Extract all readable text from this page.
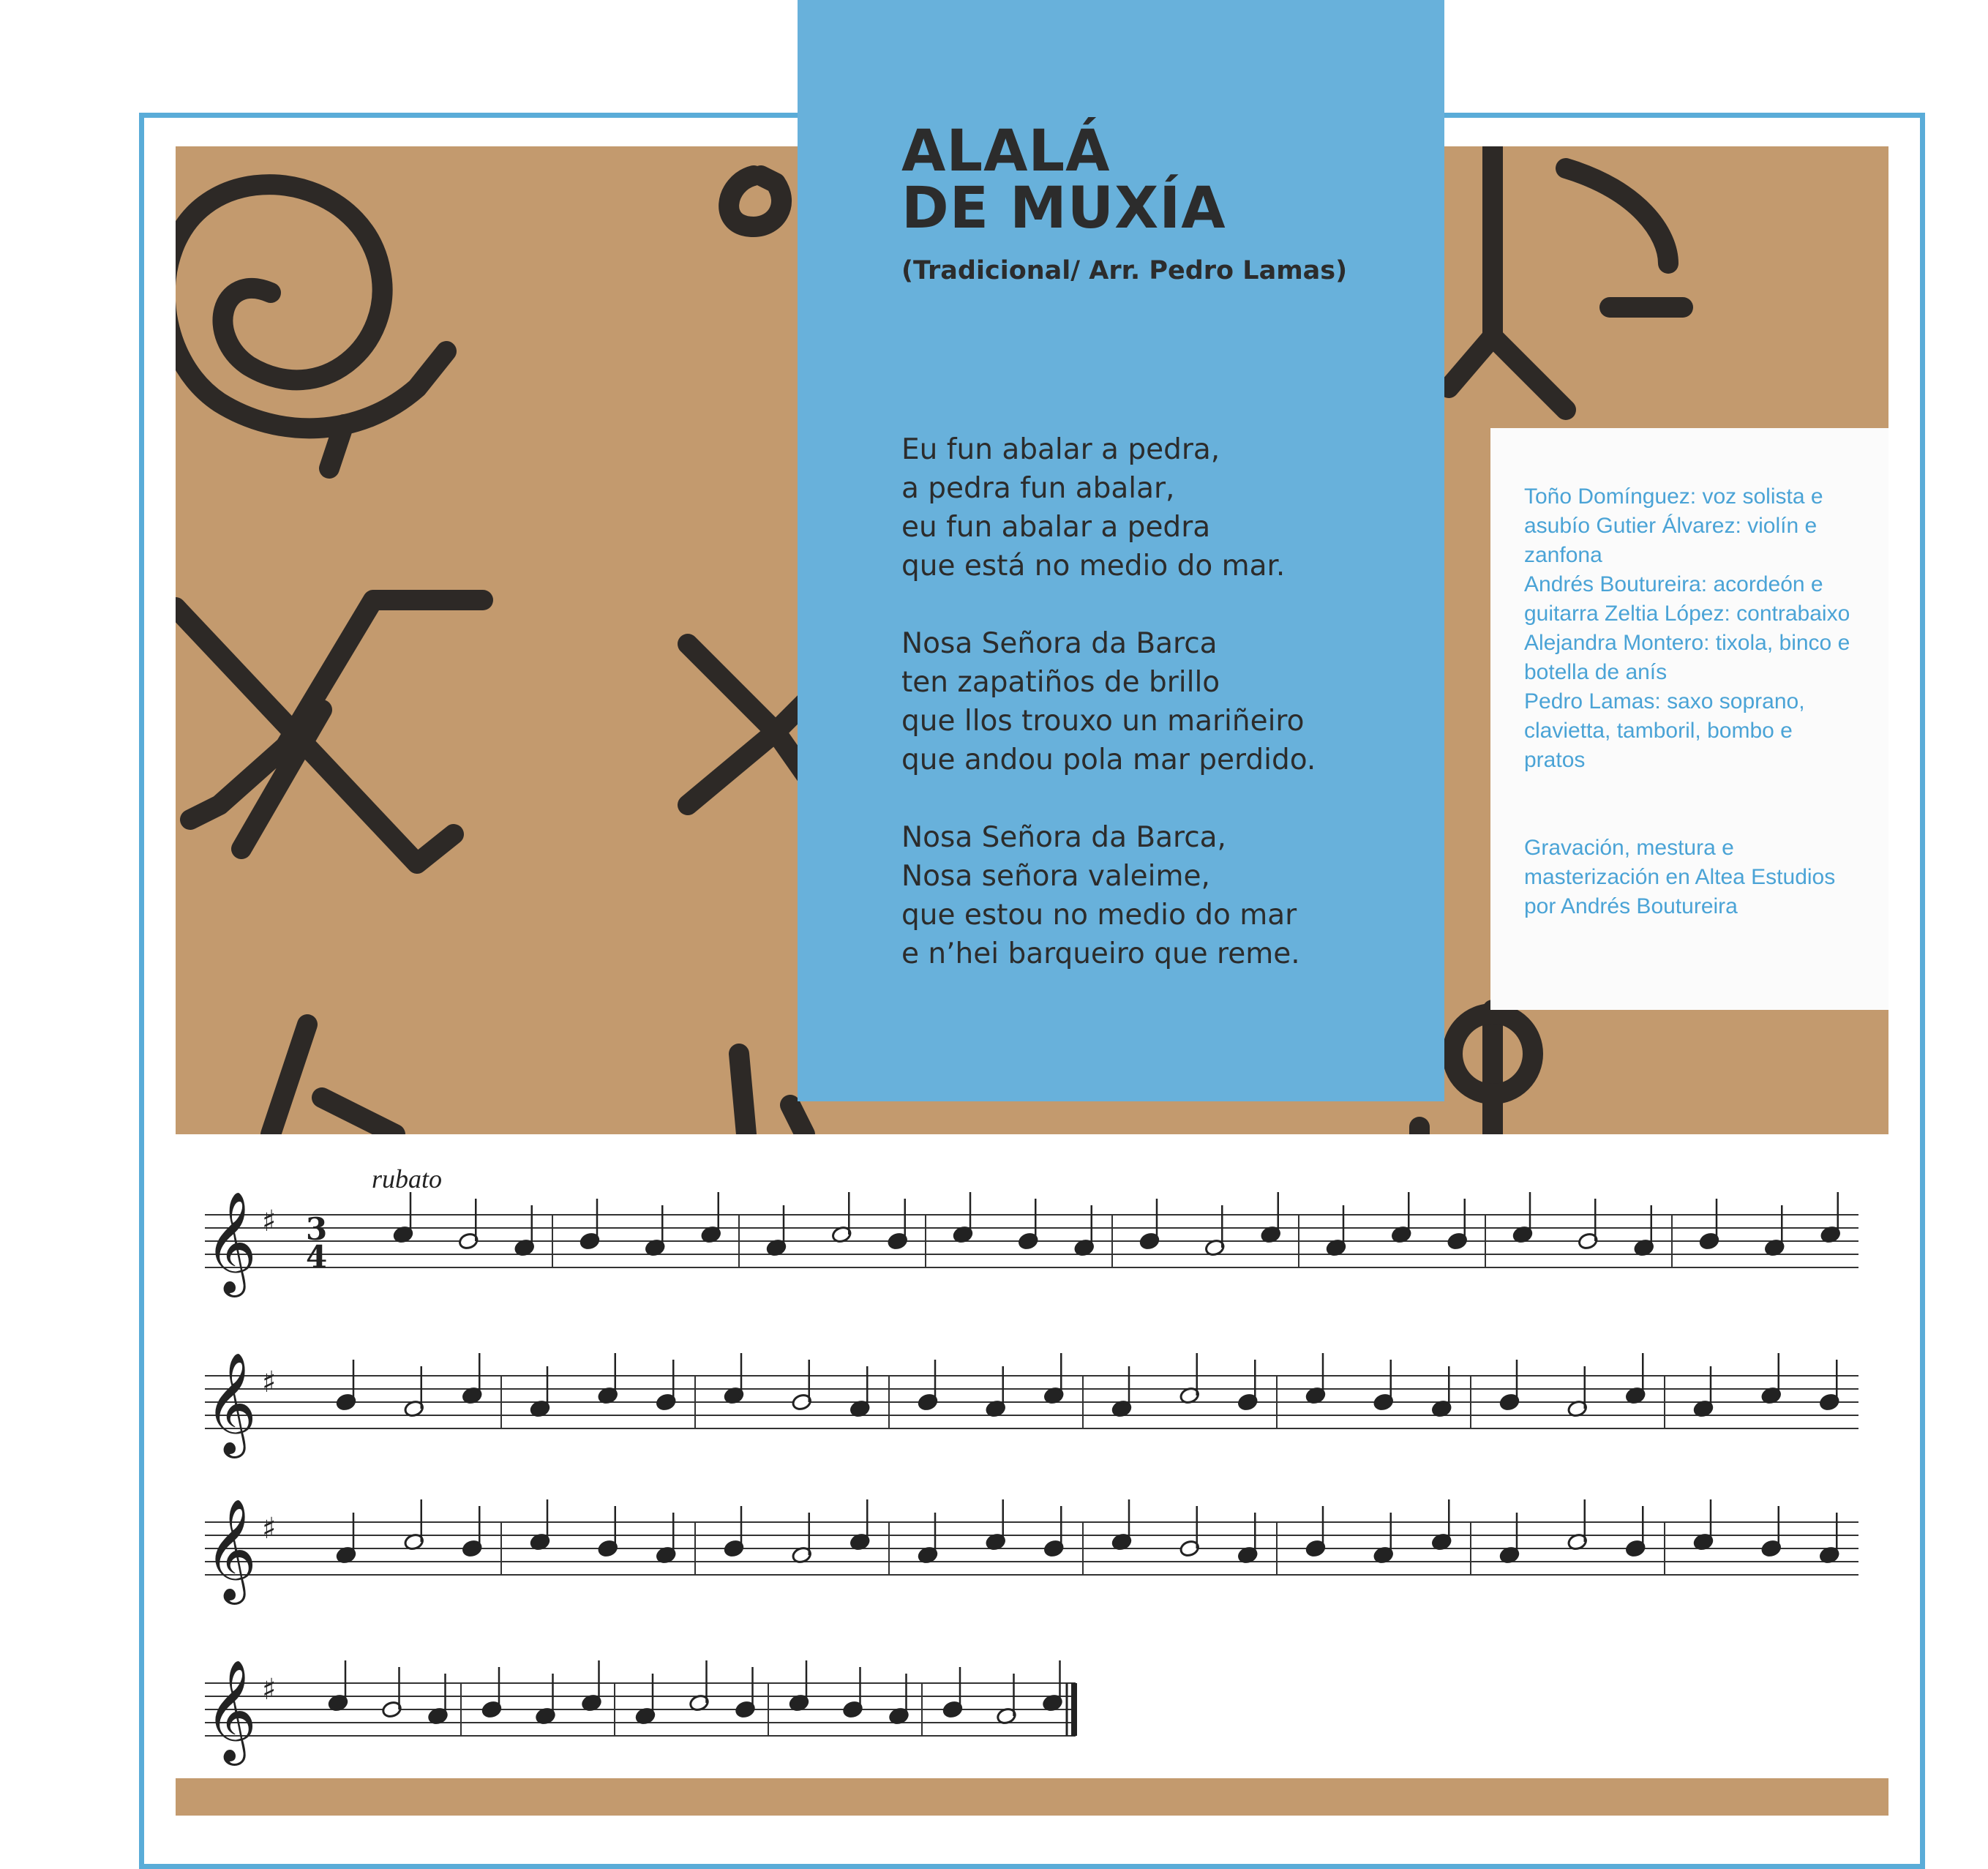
ALALÁ
DE MUXÍA
(Tradicional/ Arr. Pedro Lamas)
Eu fun abalar a pedra,
a pedra fun abalar,
eu fun abalar a pedra
que está no medio do mar.
Nosa Señora da Barca
ten zapatiños de brillo
que llos trouxo un mariñeiro
que andou pola mar perdido.
Nosa Señora da Barca,
Nosa señora valeime,
que estou no medio do mar
e n’hei barqueiro que reme.
Toño Domínguez: voz solista e
asubío Gutier Álvarez: violín e
zanfona
Andrés Boutureira: acordeón e
guitarra Zeltia López: contrabaixo
Alejandra Montero: tixola, binco e
botella de anís
Pedro Lamas: saxo soprano,
clavietta, tamboril, bombo e
pratos
Gravación, mestura e
masterización en Altea Estudios
por Andrés Boutureira
rubato
𝄞 ♯ 3
4
𝄞 ♯
𝄞 ♯
𝄞 ♯
